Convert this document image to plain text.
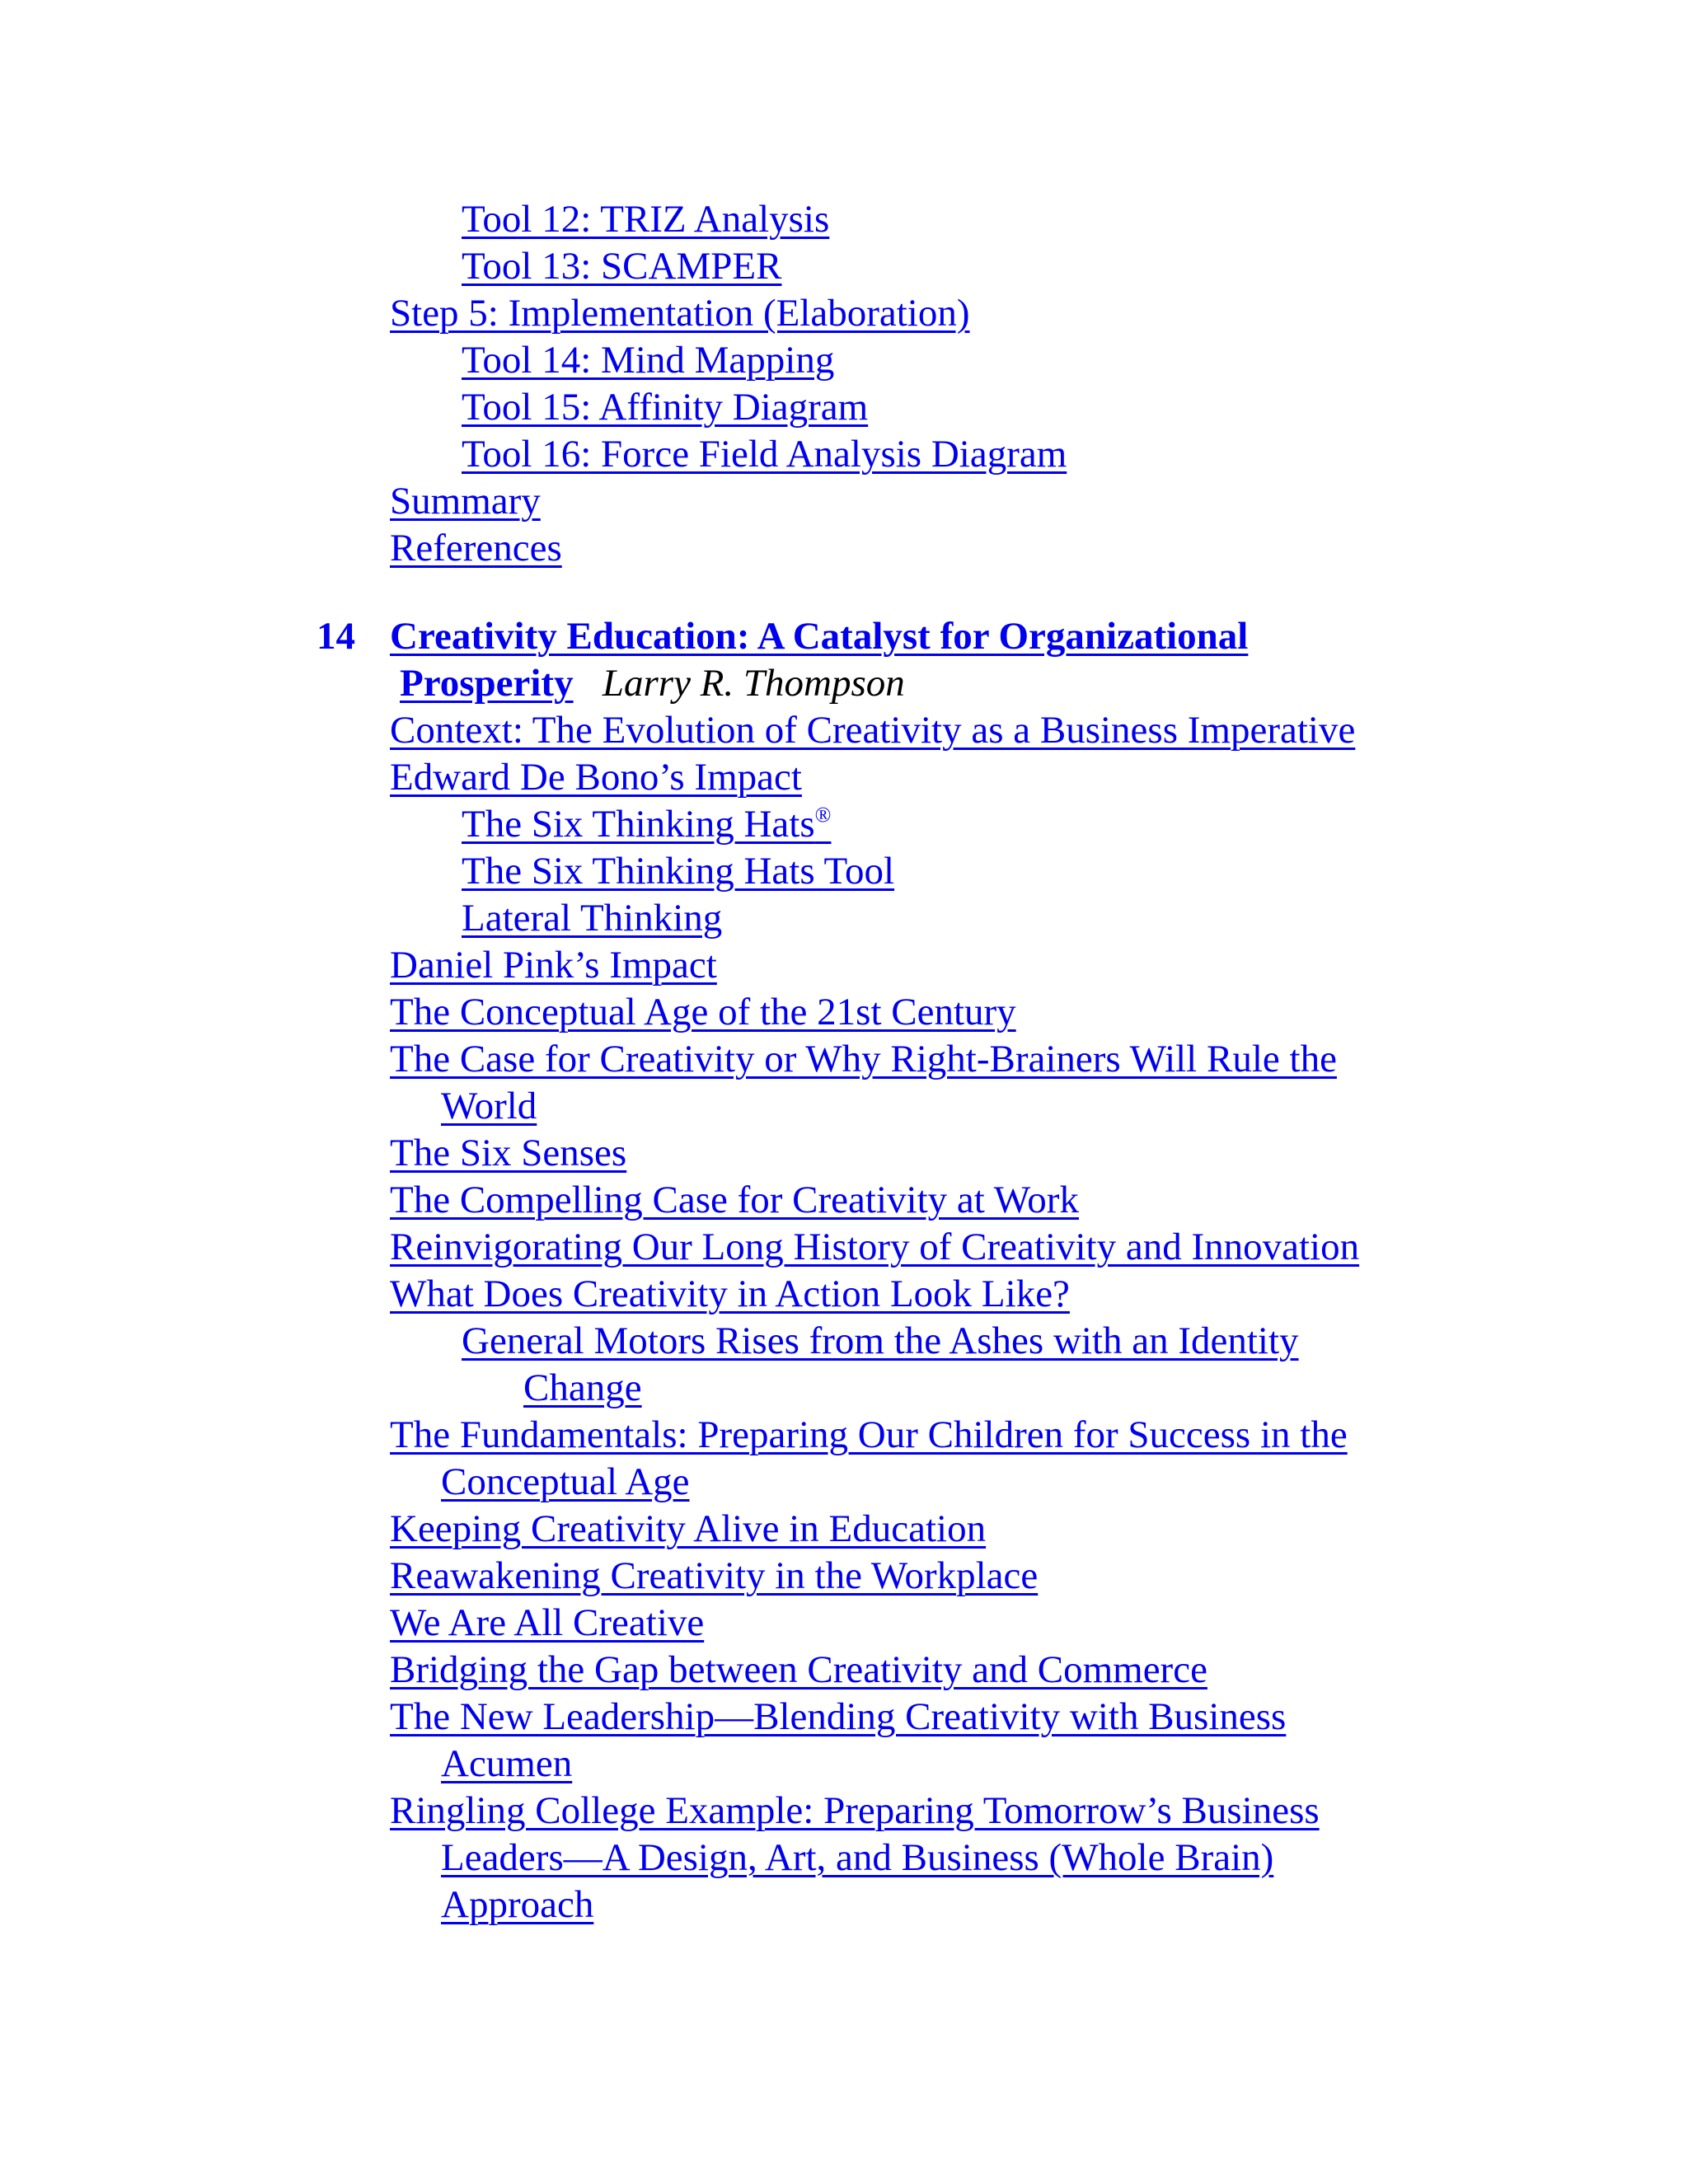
Tool 12: TRIZ Analysis
Tool 13: SCAMPER
Step 5: Implementation (Elaboration)
Tool 14: Mind Mapping
Tool 15: Affinity Diagram
Tool 16: Force Field Analysis Diagram
Summary
References
14 Creativity Education: A Catalyst for Organizational
Prosperity Larry R. Thompson
Context: The Evolution of Creativity as a Business Imperative
Edward De Bono’s Impact
The Six Thinking Hats®
The Six Thinking Hats Tool
Lateral Thinking
Daniel Pink’s Impact
The Conceptual Age of the 21st Century
The Case for Creativity or Why Right-Brainers Will Rule the
World
The Six Senses
The Compelling Case for Creativity at Work
Reinvigorating Our Long History of Creativity and Innovation
What Does Creativity in Action Look Like?
General Motors Rises from the Ashes with an Identity
Change
The Fundamentals: Preparing Our Children for Success in the
Conceptual Age
Keeping Creativity Alive in Education
Reawakening Creativity in the Workplace
We Are All Creative
Bridging the Gap between Creativity and Commerce
The New Leadership—Blending Creativity with Business
Acumen
Ringling College Example: Preparing Tomorrow’s Business
Leaders—A Design, Art, and Business (Whole Brain)
Approach
